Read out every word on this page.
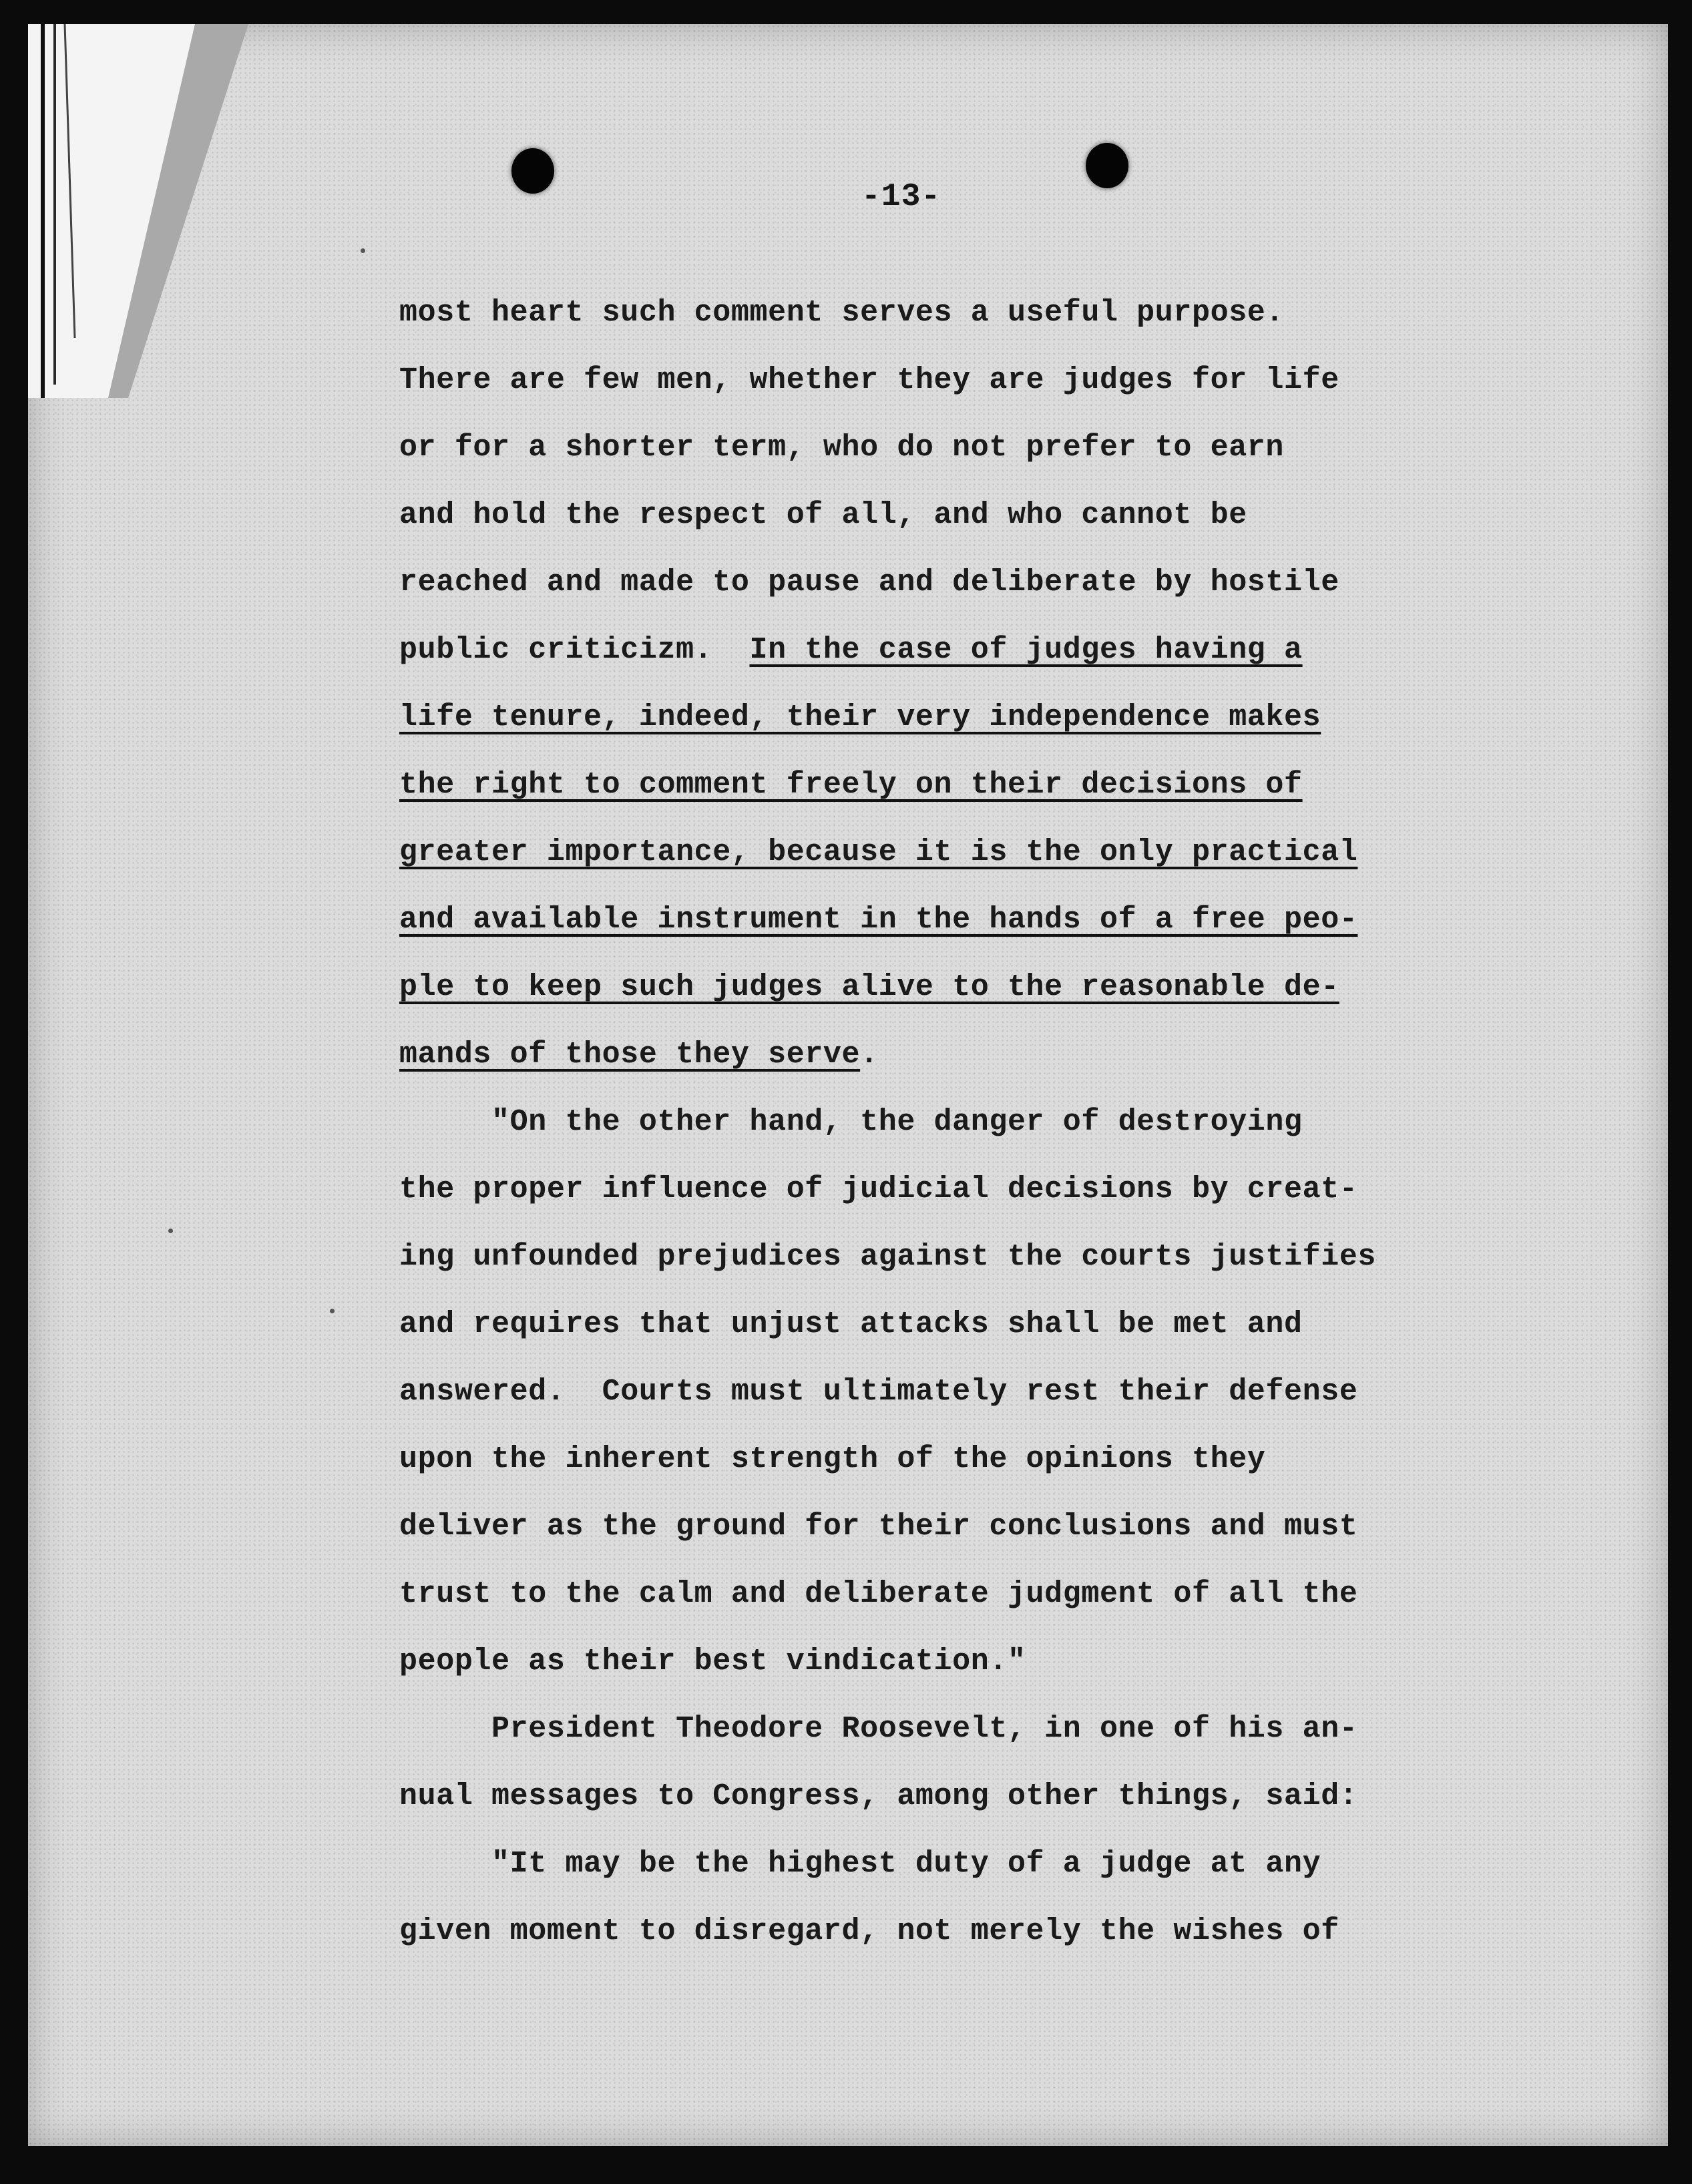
-13-

most heart such comment serves a useful purpose.
There are few men, whether they are judges for life
or for a shorter term, who do not prefer to earn
and hold the respect of all, and who cannot be
reached and made to pause and deliberate by hostile
public criticizm.  In the case of judges having a
life tenure, indeed, their very independence makes
the right to comment freely on their decisions of
greater importance, because it is the only practical
and available instrument in the hands of a free peo-
ple to keep such judges alive to the reasonable de-
mands of those they serve.
"On the other hand, the danger of destroying
the proper influence of judicial decisions by creat-
ing unfounded prejudices against the courts justifies
and requires that unjust attacks shall be met and
answered.  Courts must ultimately rest their defense
upon the inherent strength of the opinions they
deliver as the ground for their conclusions and must
trust to the calm and deliberate judgment of all the
people as their best vindication."
President Theodore Roosevelt, in one of his an-
nual messages to Congress, among other things, said:
"It may be the highest duty of a judge at any
given moment to disregard, not merely the wishes of
